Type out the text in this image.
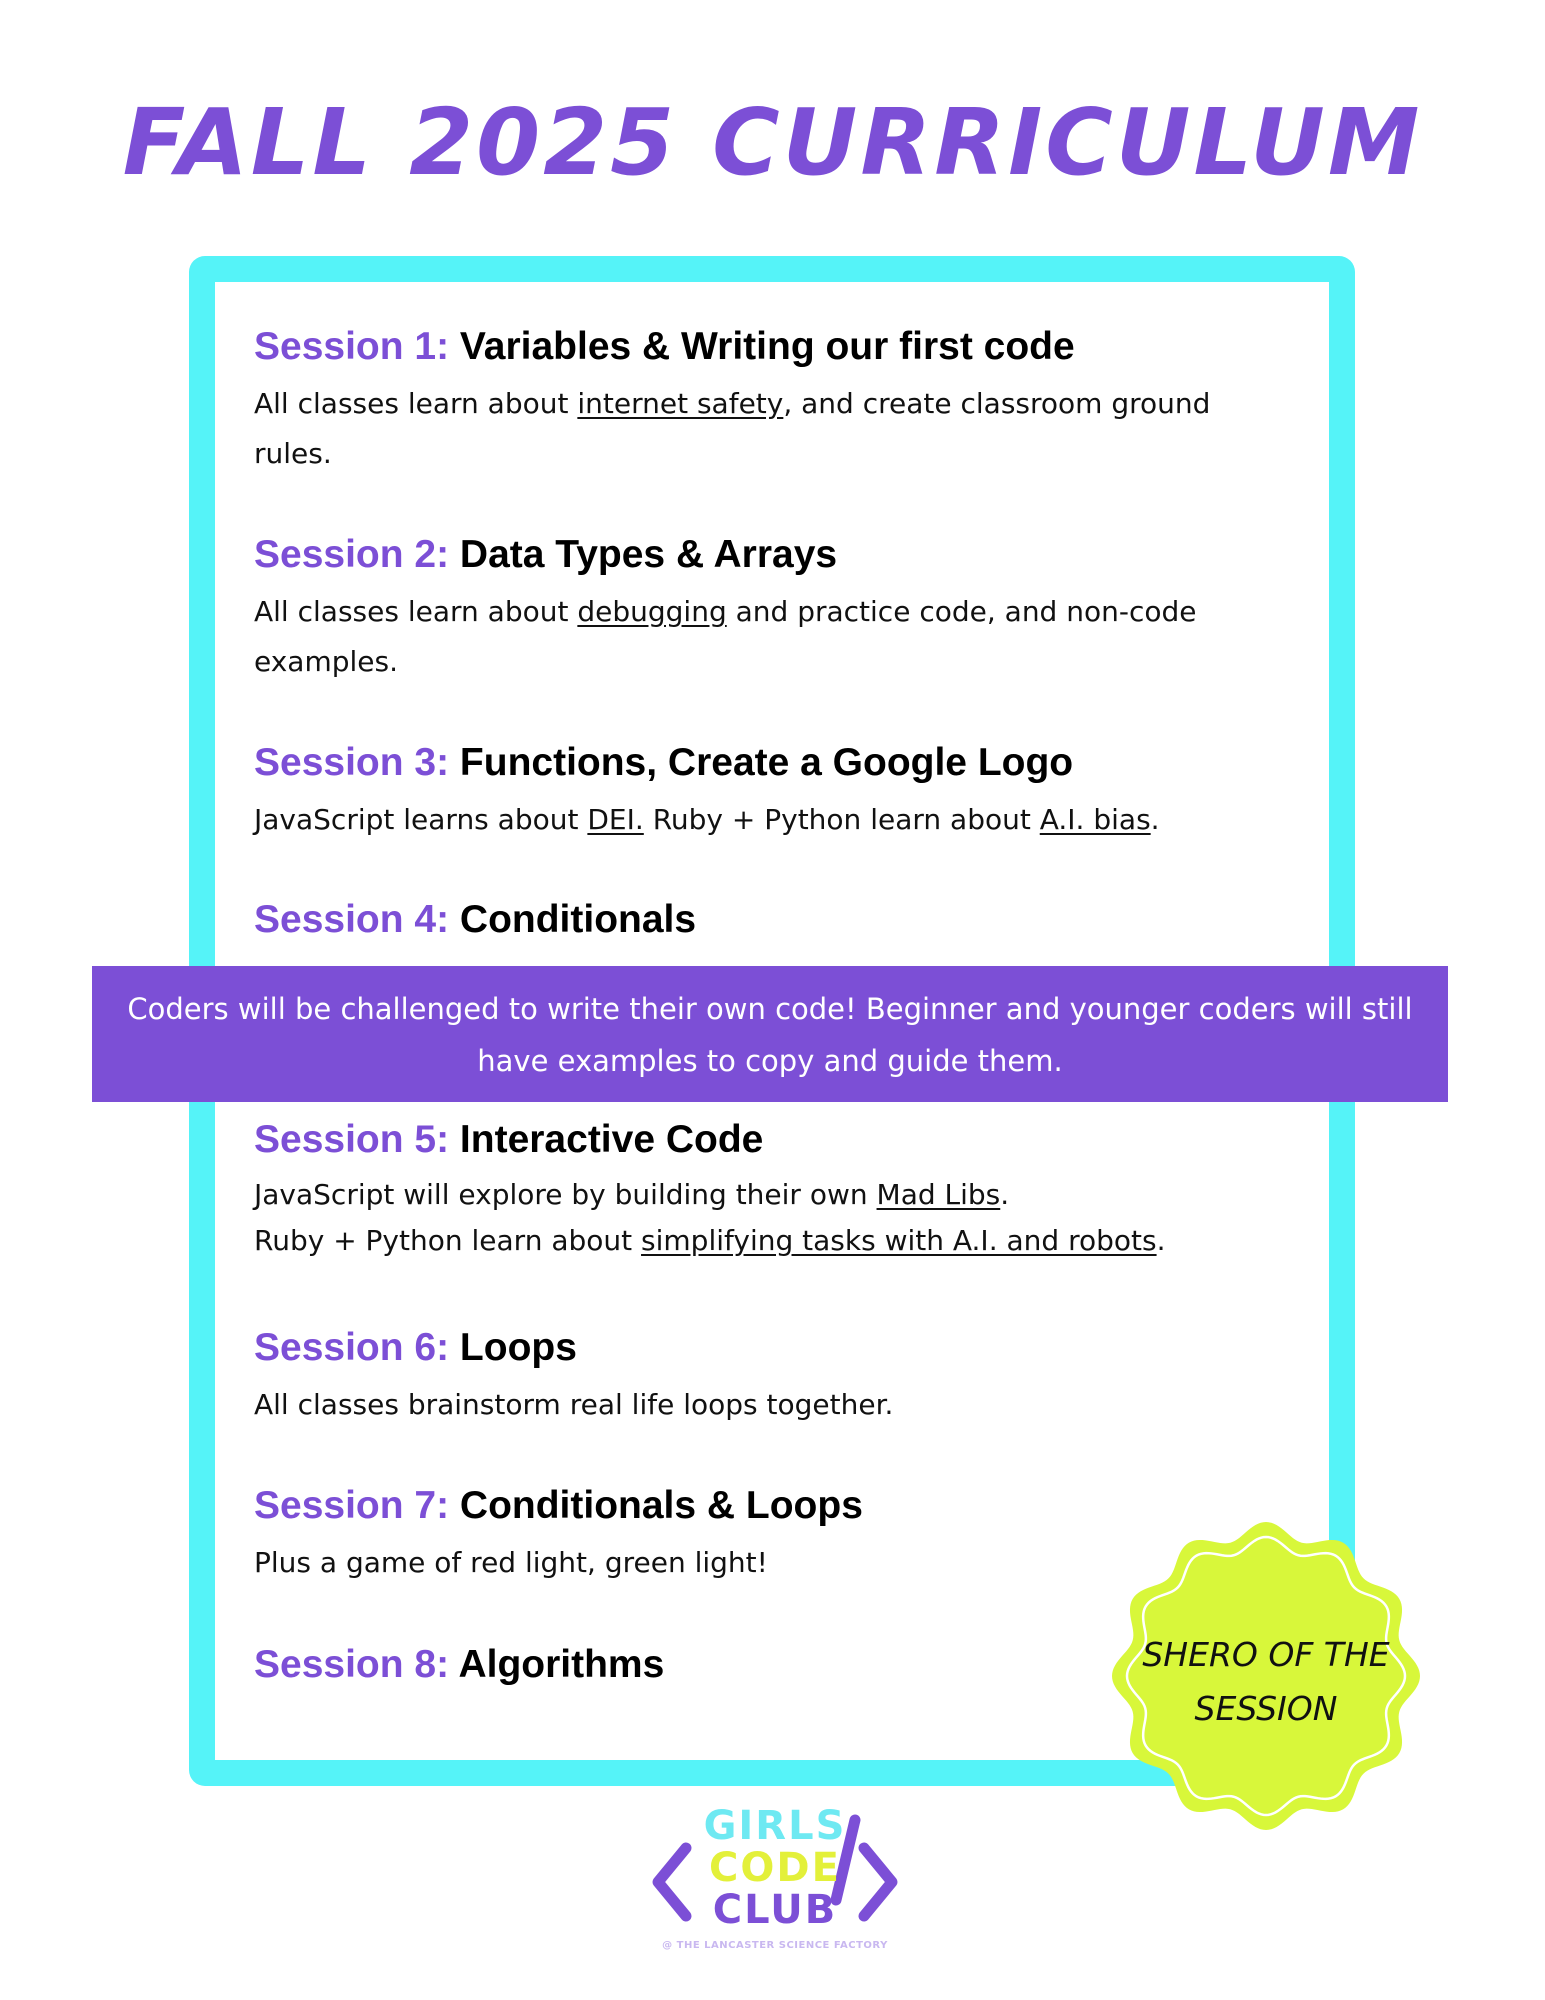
FALL 2025 CURRICULUM

Session 1: Variables & Writing our first code

All classes learn about internet safety, and create classroom ground rules.

Session 2: Data Types & Arrays

All classes learn about debugging and practice code, and non-code examples.

Session 3: Functions, Create a Google Logo

JavaScript learns about DEI. Ruby + Python learn about A.I. bias.

Session 4: Conditionals

Coders will be challenged to write their own code! Beginner and younger coders will still have examples to copy and guide them.

Session 5: Interactive Code

JavaScript will explore by building their own Mad Libs.
Ruby + Python learn about simplifying tasks with A.I. and robots.

Session 6: Loops

All classes brainstorm real life loops together.

Session 7: Conditionals & Loops

Plus a game of red light, green light!

Session 8: Algorithms	SHERO OF THE
SESSION
GIRLS
CODE
CLUB
@ THE LANCASTER SCIENCE FACTORY
